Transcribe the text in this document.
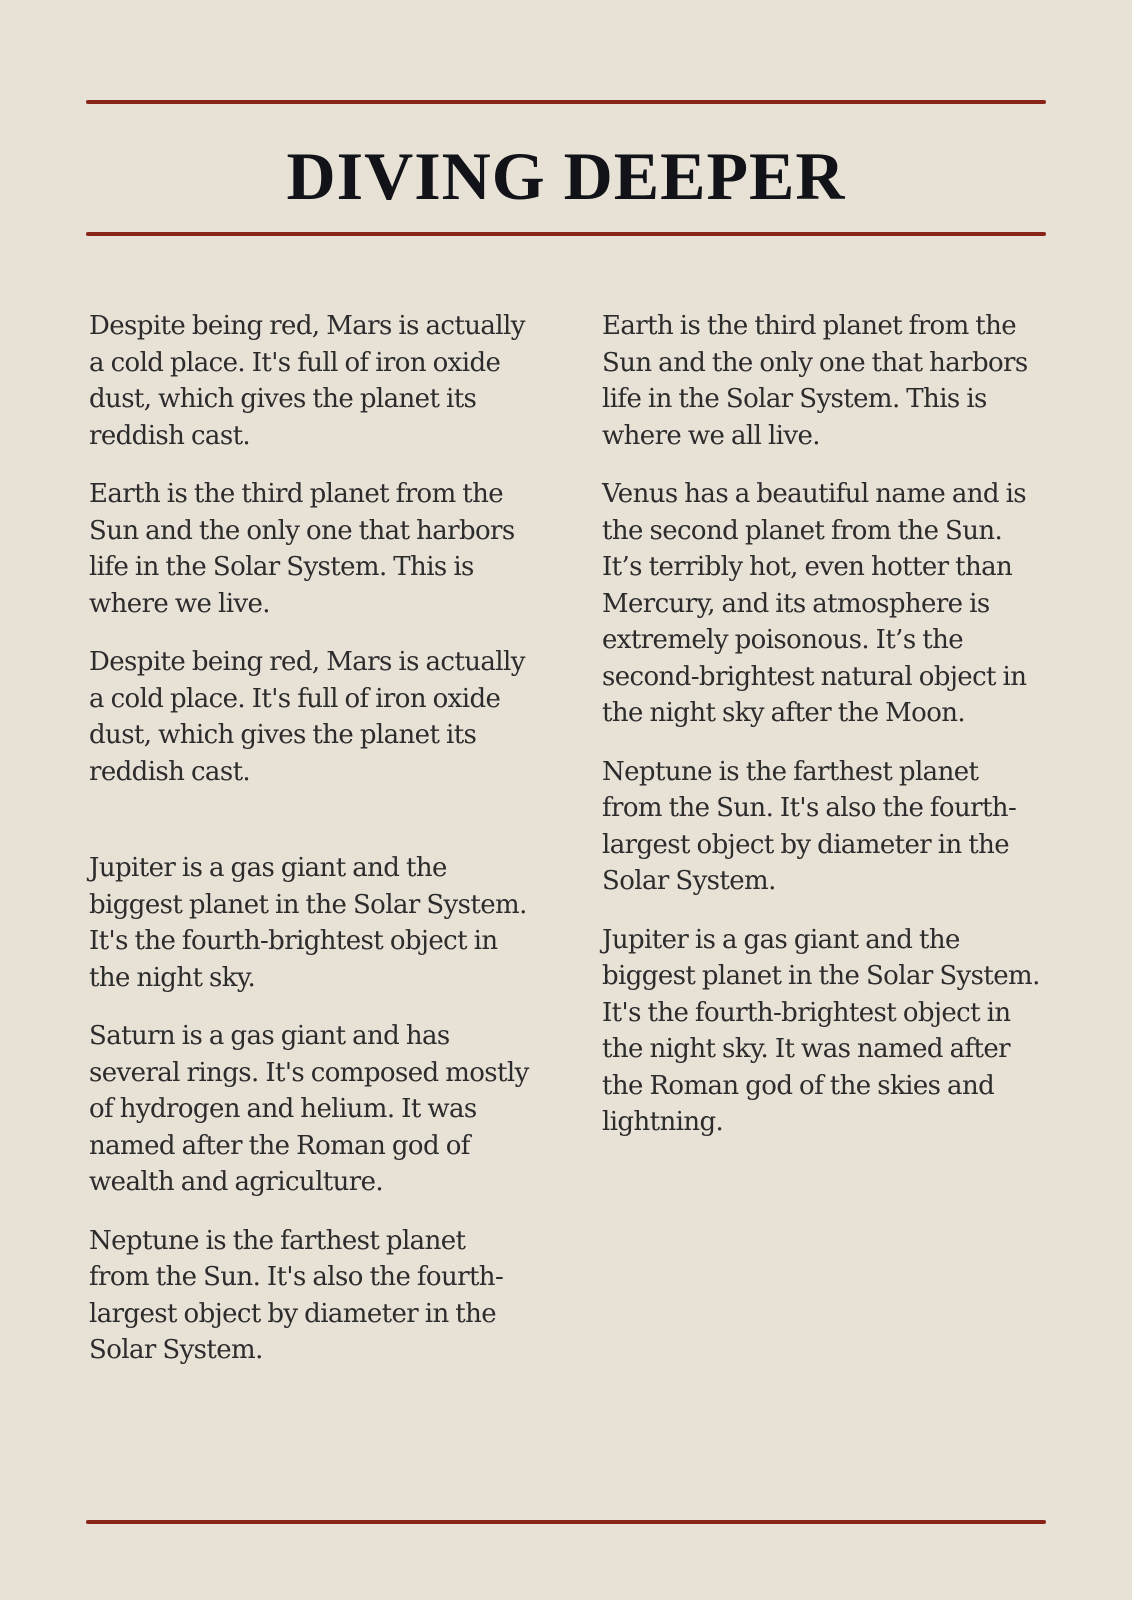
DIVING DEEPER

Despite being red, Mars is actually a cold place. It's full of iron oxide dust, which gives the planet its reddish cast.

Earth is the third planet from the Sun and the only one that harbors life in the Solar System. This is where we live.

Despite being red, Mars is actually a cold place. It's full of iron oxide dust, which gives the planet its reddish cast.

Jupiter is a gas giant and the biggest planet in the Solar System. It's the fourth-brightest object in the night sky.

Saturn is a gas giant and has several rings. It's composed mostly of hydrogen and helium. It was named after the Roman god of wealth and agriculture.

Neptune is the farthest planet from the Sun. It's also the fourth-largest object by diameter in the Solar System.

Earth is the third planet from the Sun and the only one that harbors life in the Solar System. This is where we all live.

Venus has a beautiful name and is the second planet from the Sun. It’s terribly hot, even hotter than Mercury, and its atmosphere is extremely poisonous. It’s the second-brightest natural object in the night sky after the Moon.

Neptune is the farthest planet from the Sun. It's also the fourth-largest object by diameter in the Solar System.

Jupiter is a gas giant and the biggest planet in the Solar System. It's the fourth-brightest object in the night sky. It was named after the Roman god of the skies and lightning.
